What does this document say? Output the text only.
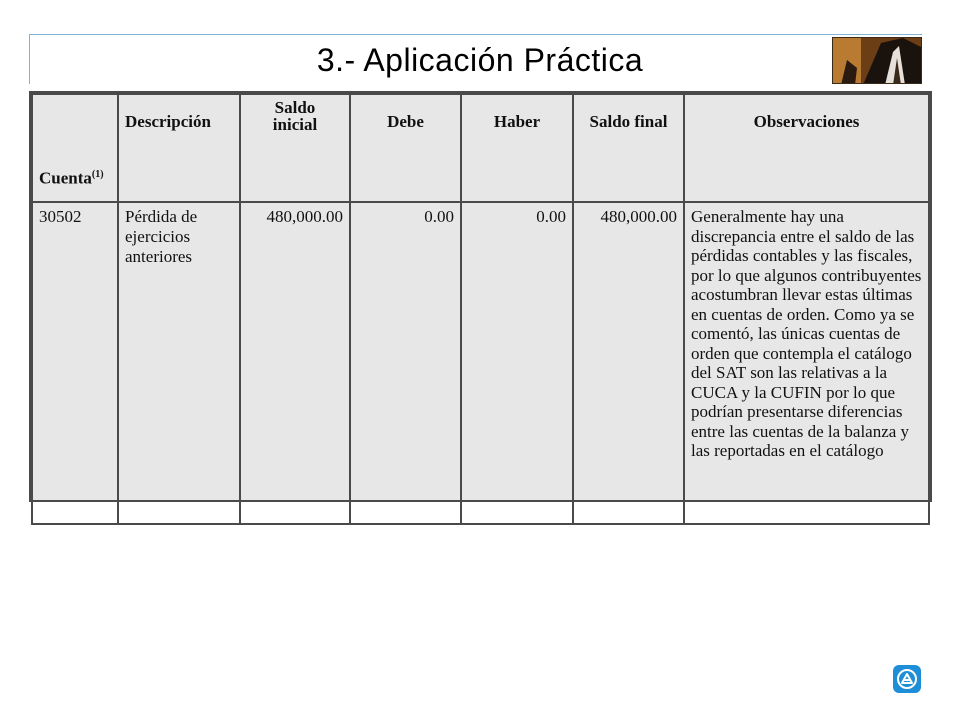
3.- Aplicación Práctica
Cuenta$^{(1)}$	Descripción	Saldo inicial	Debe	Haber	Saldo final	Observaciones
30502	Pérdida de ejercicios anteriores	480,000.00	0.00	0.00	480,000.00	Generalmente hay una discrepancia entre el saldo de las pérdidas contables y las fiscales, por lo que algunos contribuyentes acostumbran llevar estas últimas en cuentas de orden. Como ya se comentó, las únicas cuentas de orden que contempla el catálogo del SAT son las relativas a la CUCA y la CUFIN por lo que podrían presentarse diferencias entre las cuentas de la balanza y las reportadas en el catálogo
